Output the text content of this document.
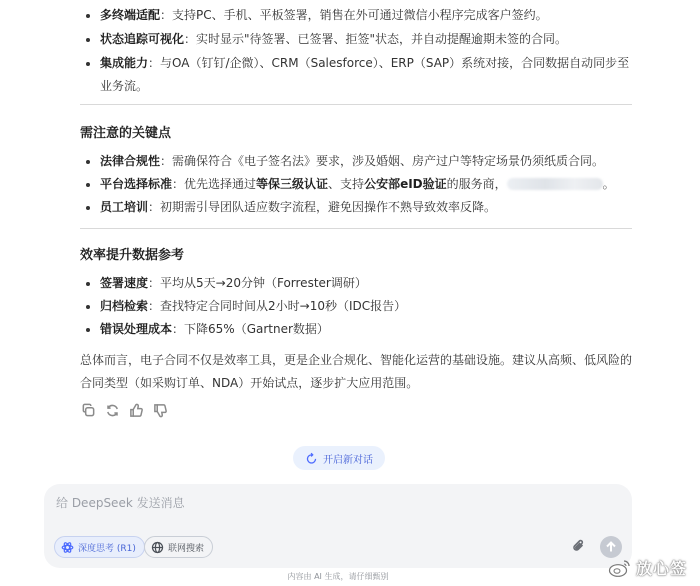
多终端适配：支持PC、手机、平板签署，销售在外可通过微信小程序完成客户签约。
状态追踪可视化：实时显示"待签署、已签署、拒签"状态，并自动提醒逾期未签的合同。
集成能力：与OA（钉钉/企微）、CRM（Salesforce）、ERP（SAP）系统对接，合同数据自动同步至业务流。
需注意的关键点
法律合规性：需确保符合《电子签名法》要求，涉及婚姻、房产过户等特定场景仍须纸质合同。
平台选择标准：优先选择通过等保三级认证、支持公安部eID验证的服务商，	。
员工培训：初期需引导团队适应数字流程，避免因操作不熟导致效率反降。
效率提升数据参考
签署速度：平均从5天→20分钟（Forrester调研）
归档检索：查找特定合同时间从2小时→10秒（IDC报告）
错误处理成本：下降65%（Gartner数据）

总体而言，电子合同不仅是效率工具，更是企业合规化、智能化运营的基础设施。建议从高频、低风险的合同类型（如采购订单、NDA）开始试点，逐步扩大应用范围。

开启新对话
给 DeepSeek 发送消息
深度思考 (R1)	联网搜索
内容由 AI 生成，请仔细甄别	放心签
